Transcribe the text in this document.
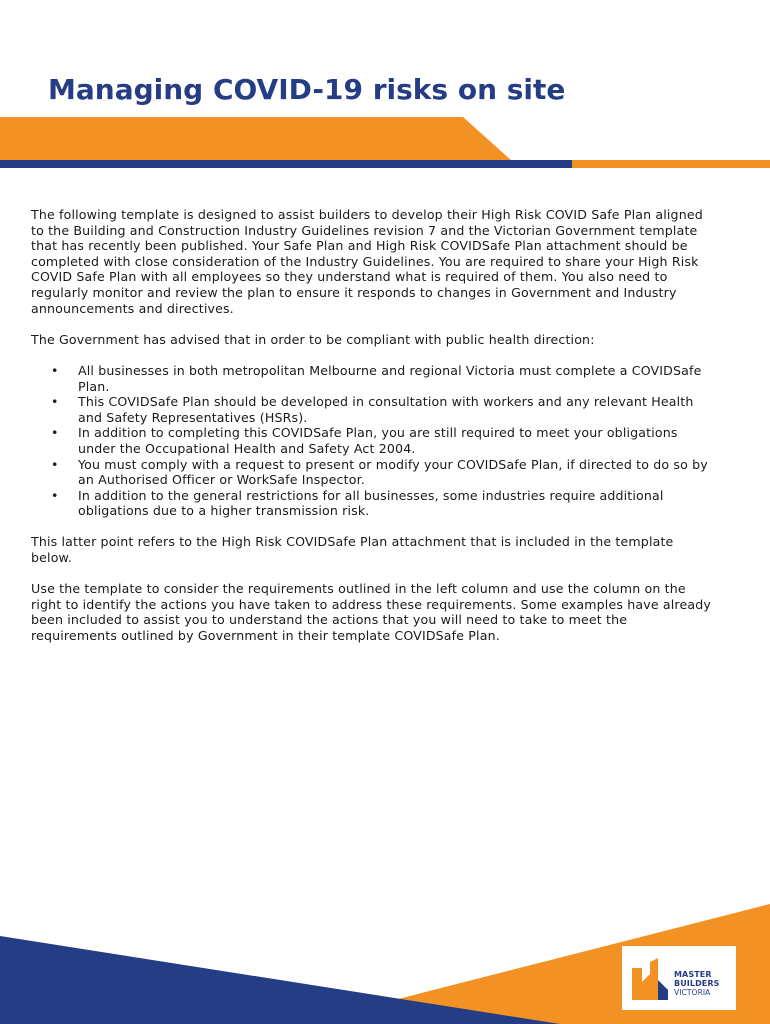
Managing COVID-19 risks on site

The following template is designed to assist builders to develop their High Risk COVID Safe Plan aligned to the Building and Construction Industry Guidelines revision 7 and the Victorian Government template that has recently been published. Your Safe Plan and High Risk COVIDSafe Plan attachment should be completed with close consideration of the Industry Guidelines. You are required to share your High Risk COVID Safe Plan with all employees so they understand what is required of them. You also need to regularly monitor and review the plan to ensure it responds to changes in Government and Industry announcements and directives.

The Government has advised that in order to be compliant with public health direction:

• All businesses in both metropolitan Melbourne and regional Victoria must complete a COVIDSafe Plan.
• This COVIDSafe Plan should be developed in consultation with workers and any relevant Health and Safety Representatives (HSRs).
• In addition to completing this COVIDSafe Plan, you are still required to meet your obligations under the Occupational Health and Safety Act 2004.
• You must comply with a request to present or modify your COVIDSafe Plan, if directed to do so by an Authorised Officer or WorkSafe Inspector.
• In addition to the general restrictions for all businesses, some industries require additional obligations due to a higher transmission risk.

This latter point refers to the High Risk COVIDSafe Plan attachment that is included in the template below.

Use the template to consider the requirements outlined in the left column and use the column on the right to identify the actions you have taken to address these requirements. Some examples have already been included to assist you to understand the actions that you will need to take to meet the requirements outlined by Government in their template COVIDSafe Plan.

MASTER
BUILDERS
VICTORIA
